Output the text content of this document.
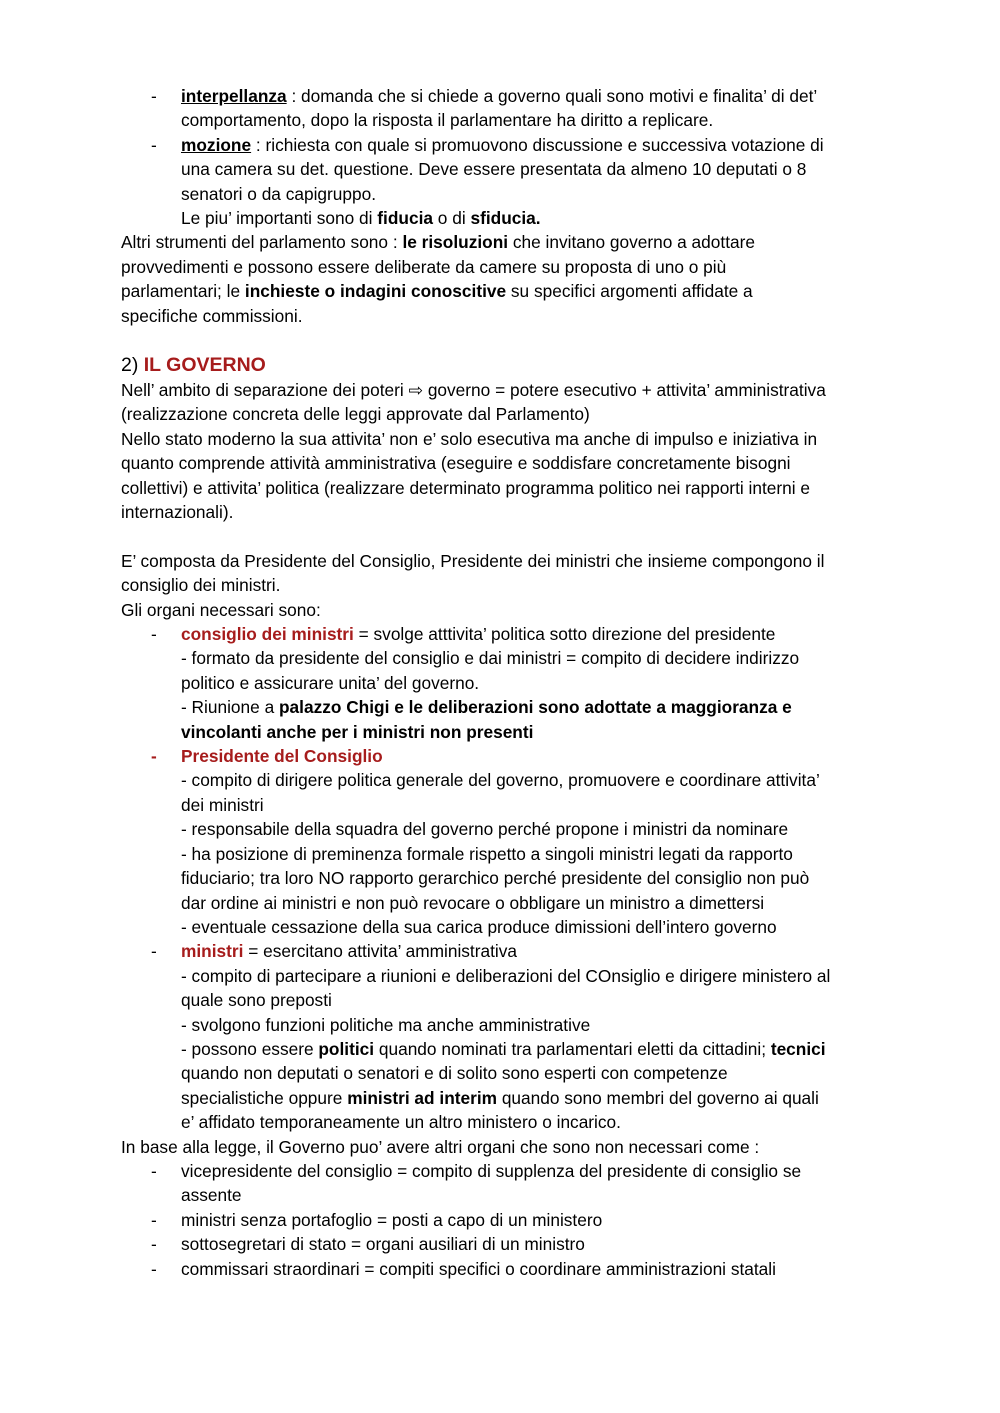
- interpellanza : domanda che si chiede a governo quali sono motivi e finalita’ di det’
comportamento, dopo la risposta il parlamentare ha diritto a replicare.
- mozione : richiesta con quale si promuovono discussione e successiva votazione di
una camera su det. questione. Deve essere presentata da almeno 10 deputati o 8
senatori o da capigruppo.
Le piu’ importanti sono di fiducia o di sfiducia.
Altri strumenti del parlamento sono : le risoluzioni che invitano governo a adottare
provvedimenti e possono essere deliberate da camere su proposta di uno o più
parlamentari; le inchieste o indagini conoscitive su specifici argomenti affidate a
specifiche commissioni.
2) IL GOVERNO
Nell’ ambito di separazione dei poteri ⇨ governo = potere esecutivo + attivita’ amministrativa
(realizzazione concreta delle leggi approvate dal Parlamento)
Nello stato moderno la sua attivita’ non e’ solo esecutiva ma anche di impulso e iniziativa in
quanto comprende attività amministrativa (eseguire e soddisfare concretamente bisogni
collettivi) e attivita’ politica (realizzare determinato programma politico nei rapporti interni e
internazionali).
E’ composta da Presidente del Consiglio, Presidente dei ministri che insieme compongono il
consiglio dei ministri.
Gli organi necessari sono:
- consiglio dei ministri = svolge atttivita’ politica sotto direzione del presidente
- formato da presidente del consiglio e dai ministri = compito di decidere indirizzo
politico e assicurare unita’ del governo.
- Riunione a palazzo Chigi e le deliberazioni sono adottate a maggioranza e
vincolanti anche per i ministri non presenti
- Presidente del Consiglio
- compito di dirigere politica generale del governo, promuovere e coordinare attivita’
dei ministri
- responsabile della squadra del governo perché propone i ministri da nominare
- ha posizione di preminenza formale rispetto a singoli ministri legati da rapporto
fiduciario; tra loro NO rapporto gerarchico perché presidente del consiglio non può
dar ordine ai ministri e non può revocare o obbligare un ministro a dimettersi
- eventuale cessazione della sua carica produce dimissioni dell’intero governo
- ministri = esercitano attivita’ amministrativa
- compito di partecipare a riunioni e deliberazioni del COnsiglio e dirigere ministero al
quale sono preposti
- svolgono funzioni politiche ma anche amministrative
- possono essere politici quando nominati tra parlamentari eletti da cittadini; tecnici
quando non deputati o senatori e di solito sono esperti con competenze
specialistiche oppure ministri ad interim quando sono membri del governo ai quali
e’ affidato temporaneamente un altro ministero o incarico.
In base alla legge, il Governo puo’ avere altri organi che sono non necessari come :
- vicepresidente del consiglio = compito di supplenza del presidente di consiglio se
assente
- ministri senza portafoglio = posti a capo di un ministero
- sottosegretari di stato = organi ausiliari di un ministro
- commissari straordinari = compiti specifici o coordinare amministrazioni statali
